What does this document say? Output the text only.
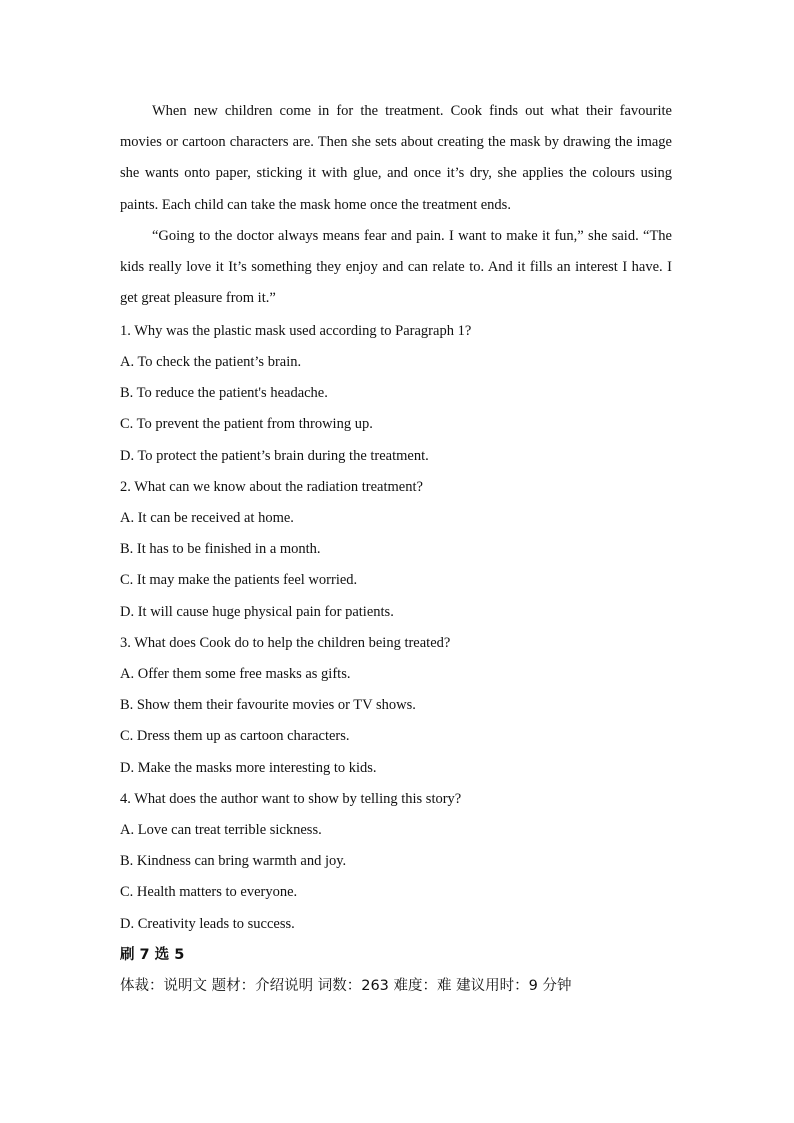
When new children come in for the treatment. Cook finds out what their favourite movies or cartoon characters are. Then she sets about creating the mask by drawing the image she wants onto paper, sticking it with glue, and once it’s dry, she applies the colours using paints. Each child can take the mask home once the treatment ends.

“Going to the doctor always means fear and pain. I want to make it fun,” she said. “The kids really love it It’s something they enjoy and can relate to. And it fills an interest I have. I get great pleasure from it.”

1. Why was the plastic mask used according to Paragraph 1?
A. To check the patient’s brain.
B. To reduce the patient's headache.
C. To prevent the patient from throwing up.
D. To protect the patient’s brain during the treatment.
2. What can we know about the radiation treatment?
A. It can be received at home.
B. It has to be finished in a month.
C. It may make the patients feel worried.
D. It will cause huge physical pain for patients.
3. What does Cook do to help the children being treated?
A. Offer them some free masks as gifts.
B. Show them their favourite movies or TV shows.
C. Dress them up as cartoon characters.
D. Make the masks more interesting to kids.
4. What does the author want to show by telling this story?
A. Love can treat terrible sickness.
B. Kindness can bring warmth and joy.
C. Health matters to everyone.
D. Creativity leads to success.
刷 7 选 5
体裁：说明文 题材：介绍说明 词数：263 难度：难 建议用时：9 分钟
